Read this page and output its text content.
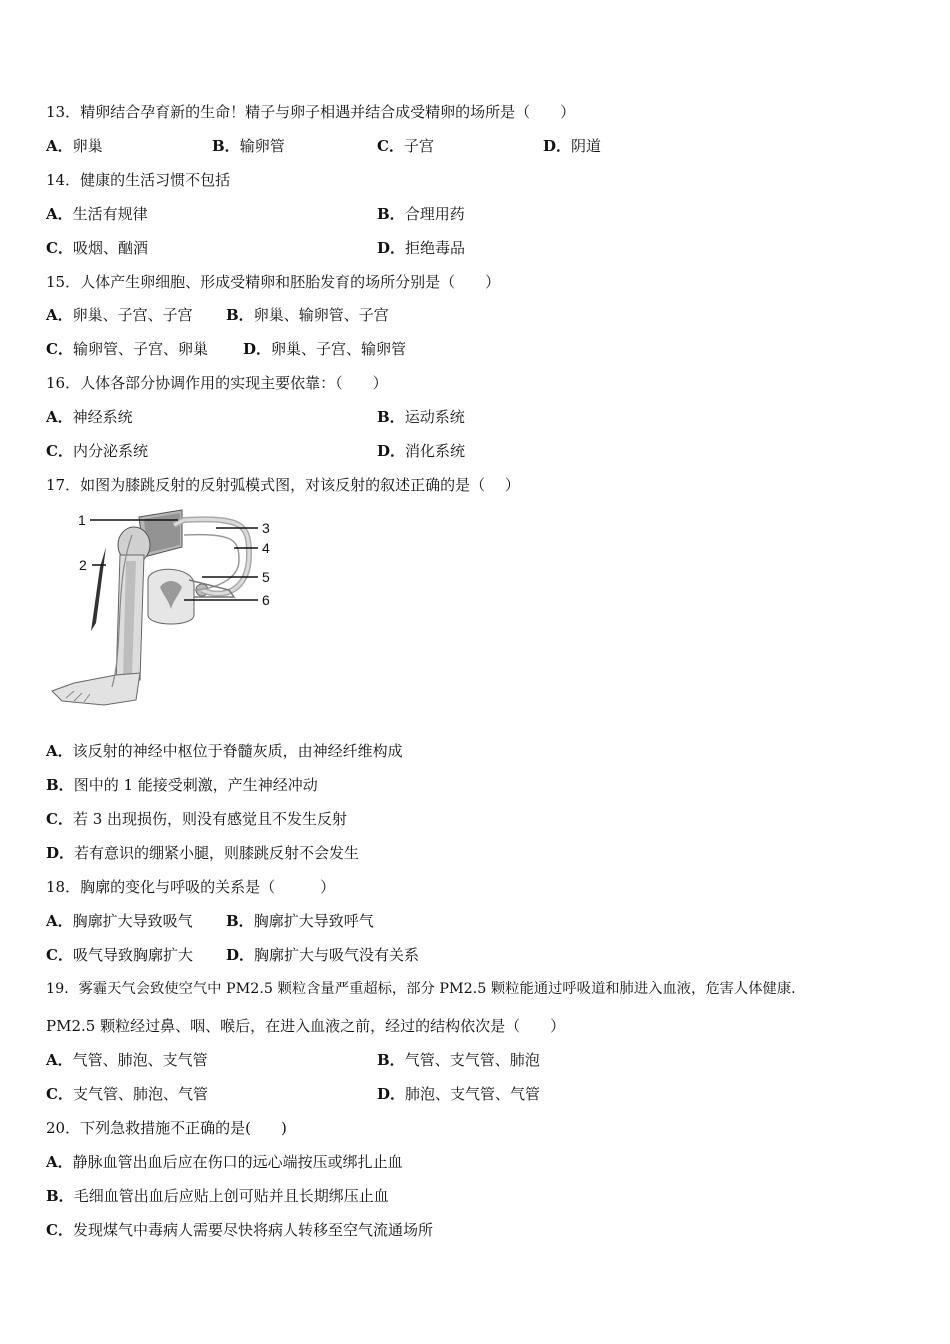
13．精卵结合孕育新的生命！精子与卵子相遇并结合成受精卵的场所是（　　）
A．卵巢	B．输卵管	C．子宫	D．阴道
14．健康的生活习惯不包括
A．生活有规律	B．合理用药
C．吸烟、酗酒	D．拒绝毒品
15．人体产生卵细胞、形成受精卵和胚胎发育的场所分别是（　　）
A．卵巢、子宫、子宫 B．卵巢、输卵管、子宫
C．输卵管、子宫、卵巢 D．卵巢、子宫、输卵管
16．人体各部分协调作用的实现主要依靠：（　　）
A．神经系统	B．运动系统
C．内分泌系统	D．消化系统
17．如图为膝跳反射的反射弧模式图，对该反射的叙述正确的是（　 ）
1
2
3
4
5
6
A．该反射的神经中枢位于脊髓灰质，由神经纤维构成
B．图中的 1 能接受刺激，产生神经冲动
C．若 3 出现损伤，则没有感觉且不发生反射
D．若有意识的绷紧小腿，则膝跳反射不会发生
18．胸廓的变化与呼吸的关系是（　　　）
A．胸廓扩大导致吸气 B．胸廓扩大导致呼气
C．吸气导致胸廓扩大 D．胸廓扩大与吸气没有关系
19．雾霾天气会致使空气中 PM2.5 颗粒含量严重超标，部分 PM2.5 颗粒能通过呼吸道和肺进入血液，危害人体健康．
PM2.5 颗粒经过鼻、咽、喉后，在进入血液之前，经过的结构依次是（　　）
A．气管、肺泡、支气管	B．气管、支气管、肺泡
C．支气管、肺泡、气管	D．肺泡、支气管、气管
20．下列急救措施不正确的是(　　)
A．静脉血管出血后应在伤口的远心端按压或绑扎止血
B．毛细血管出血后应贴上创可贴并且长期绑压止血
C．发现煤气中毒病人需要尽快将病人转移至空气流通场所
